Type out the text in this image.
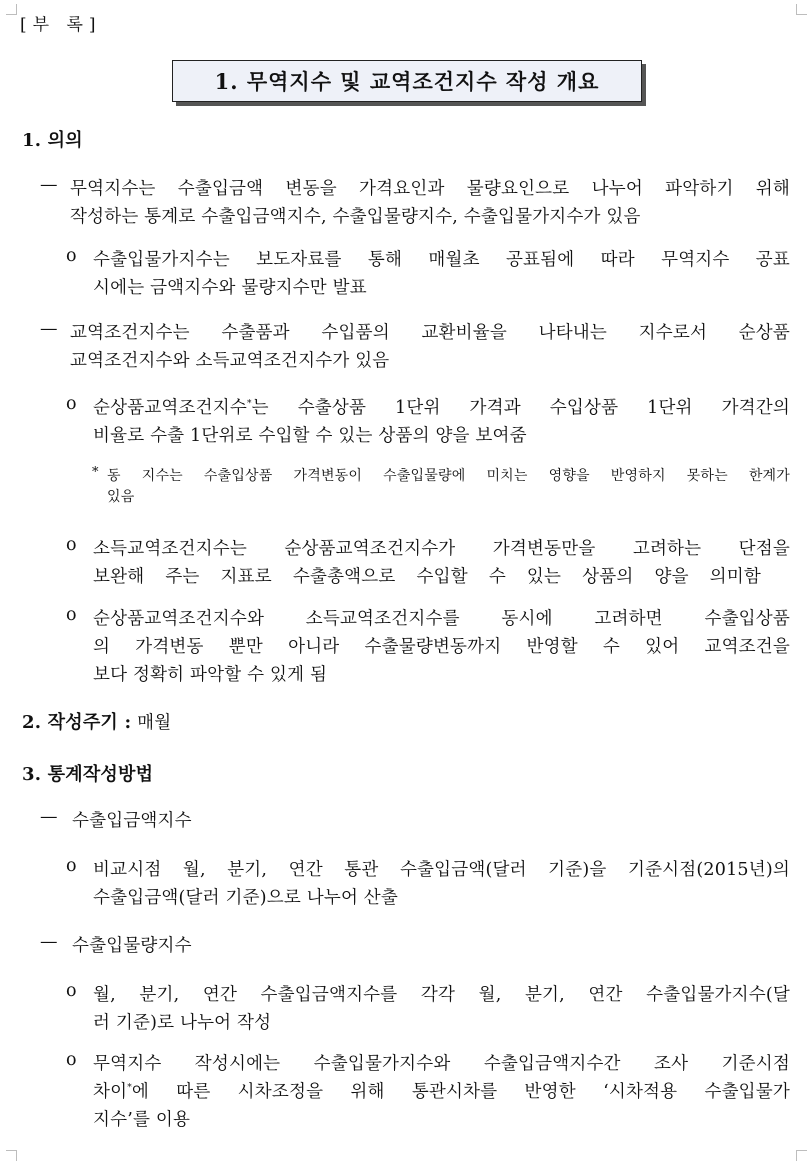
[부 록]
1. 무역지수 및 교역조건지수 작성 개요
1. 의의
— 무역지수는 수출입금액 변동을 가격요인과 물량요인으로 나누어 파악하기 위해
작성하는 통계로 수출입금액지수, 수출입물량지수, 수출입물가지수가 있음
o 수출입물가지수는 보도자료를 통해 매월초 공표됨에 따라 무역지수 공표
시에는 금액지수와 물량지수만 발표
— 교역조건지수는 수출품과 수입품의 교환비율을 나타내는 지수로서 순상품
교역조건지수와 소득교역조건지수가 있음
o 순상품교역조건지수*는 수출상품 1단위 가격과 수입상품 1단위 가격간의
비율로 수출 1단위로 수입할 수 있는 상품의 양을 보여줌
* 동 지수는 수출입상품 가격변동이 수출입물량에 미치는 영향을 반영하지 못하는 한계가
있음
o 소득교역조건지수는 순상품교역조건지수가 가격변동만을 고려하는 단점을
보완해 주는 지표로 수출총액으로 수입할 수 있는 상품의 양을 의미함
o 순상품교역조건지수와 소득교역조건지수를 동시에 고려하면 수출입상품
의 가격변동 뿐만 아니라 수출물량변동까지 반영할 수 있어 교역조건을
보다 정확히 파악할 수 있게 됨
2. 작성주기 : 매월
3. 통계작성방법
— 수출입금액지수
o 비교시점 월, 분기, 연간 통관 수출입금액(달러 기준)을 기준시점(2015년)의
수출입금액(달러 기준)으로 나누어 산출
— 수출입물량지수
o 월, 분기, 연간 수출입금액지수를 각각 월, 분기, 연간 수출입물가지수(달
러 기준)로 나누어 작성
o 무역지수 작성시에는 수출입물가지수와 수출입금액지수간 조사 기준시점
차이*에 따른 시차조정을 위해 통관시차를 반영한 ‘시차적용 수출입물가
지수’를 이용
